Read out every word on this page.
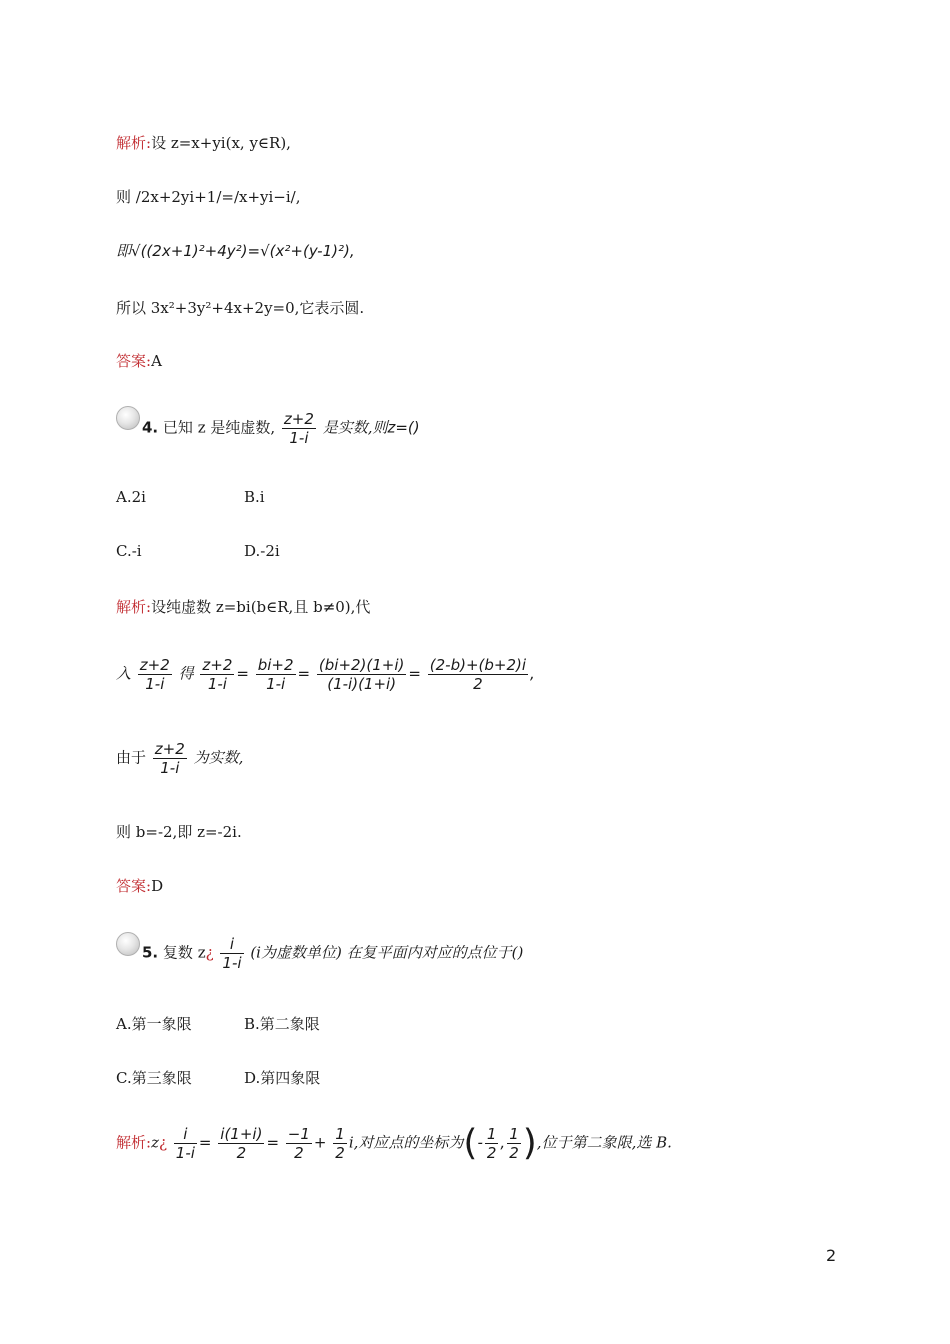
解析:设 z=x+yi(x, y∈R),
则 /2x+2yi+1/=/x+yi−i/,
即√((2x+1)²+4y²)=√(x²+(y-1)²),
所以 3x²+3y²+4x+2y=0,它表示圆.
答案:A
4. 已知 z 是纯虚数, $\frac{z+2}{1-i}$ 是实数,则z=()
A.2i	B.i
C.-i	D.-2i
解析:设纯虚数 z=bi(b∈R,且 b≠0),代
入 $\frac{z+2}{1-i}$ 得 $\frac{z+2}{1-i} = \frac{bi+2}{1-i} = \frac{(bi+2)(1+i)}{(1-i)(1+i)} = \frac{(2-b)+(b+2)i}{2}$ ,
由于 $\frac{z+2}{1-i}$ 为实数,
则 b=-2,即 z=-2i.
答案:D
5. 复数 z¿ $\frac{i}{1-i} (i$为虚数单位) 在复平面内对应的点位于()
A.第一象限	B.第二象限
C.第三象限	D.第四象限
解析:z¿ $\frac{i}{1-i} = \frac{i(1+i)}{2} = \frac{-1}{2} + \frac{1}{2} i$,对应点的坐标为(- $\frac{1}{2}$ , $\frac{1}{2}$ ),位于第二象限,选 B.
2
